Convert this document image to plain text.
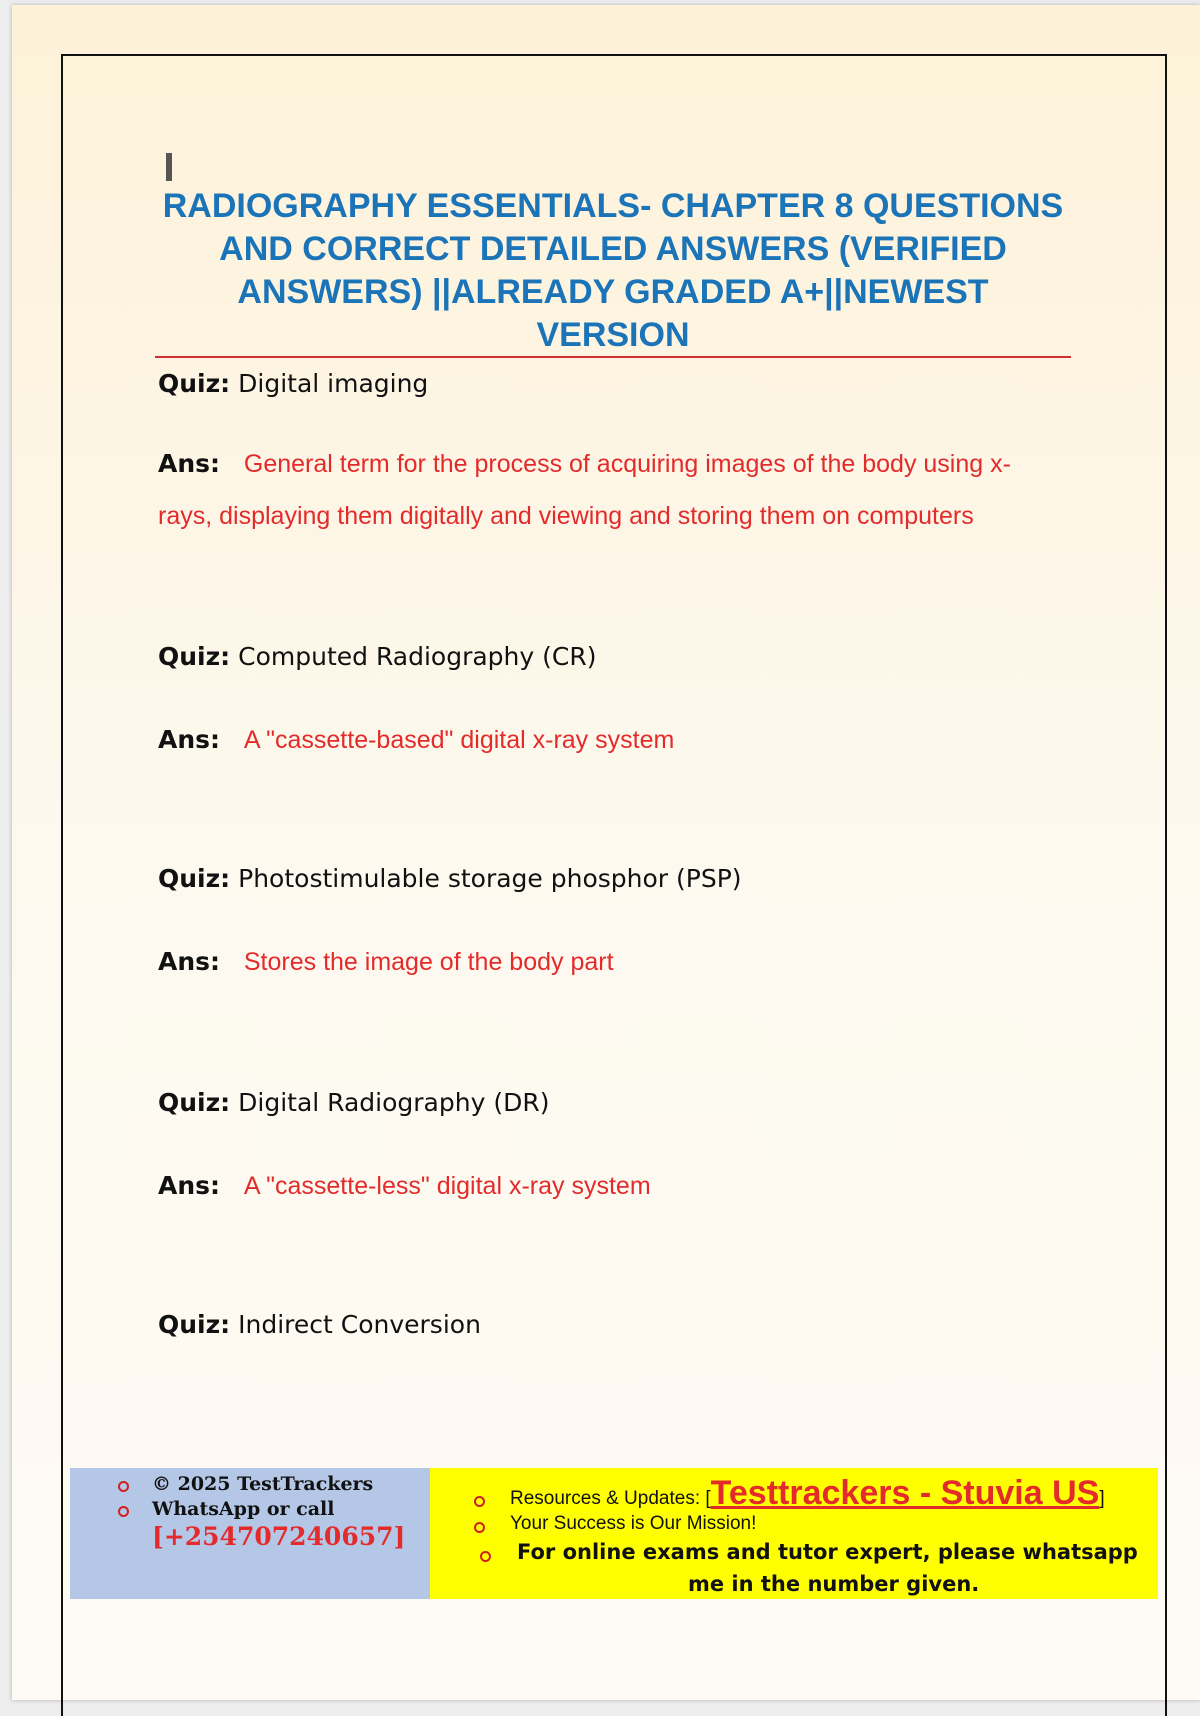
RADIOGRAPHY ESSENTIALS- CHAPTER 8 QUESTIONS AND CORRECT DETAILED ANSWERS (VERIFIED ANSWERS) ||ALREADY GRADED A+||NEWEST VERSION
Quiz: Digital imaging
Ans: General term for the process of acquiring images of the body using x-rays, displaying them digitally and viewing and storing them on computers
Quiz: Computed Radiography (CR)
Ans: A "cassette-based" digital x-ray system
Quiz: Photostimulable storage phosphor (PSP)
Ans: Stores the image of the body part
Quiz: Digital Radiography (DR)
Ans: A "cassette-less" digital x-ray system
Quiz: Indirect Conversion
© 2025 TestTrackers
WhatsApp or call
[+254707240657]
Resources & Updates: [Testtrackers - Stuvia US]
Your Success is Our Mission!
For online exams and tutor expert, please whatsapp
me in the number given.
